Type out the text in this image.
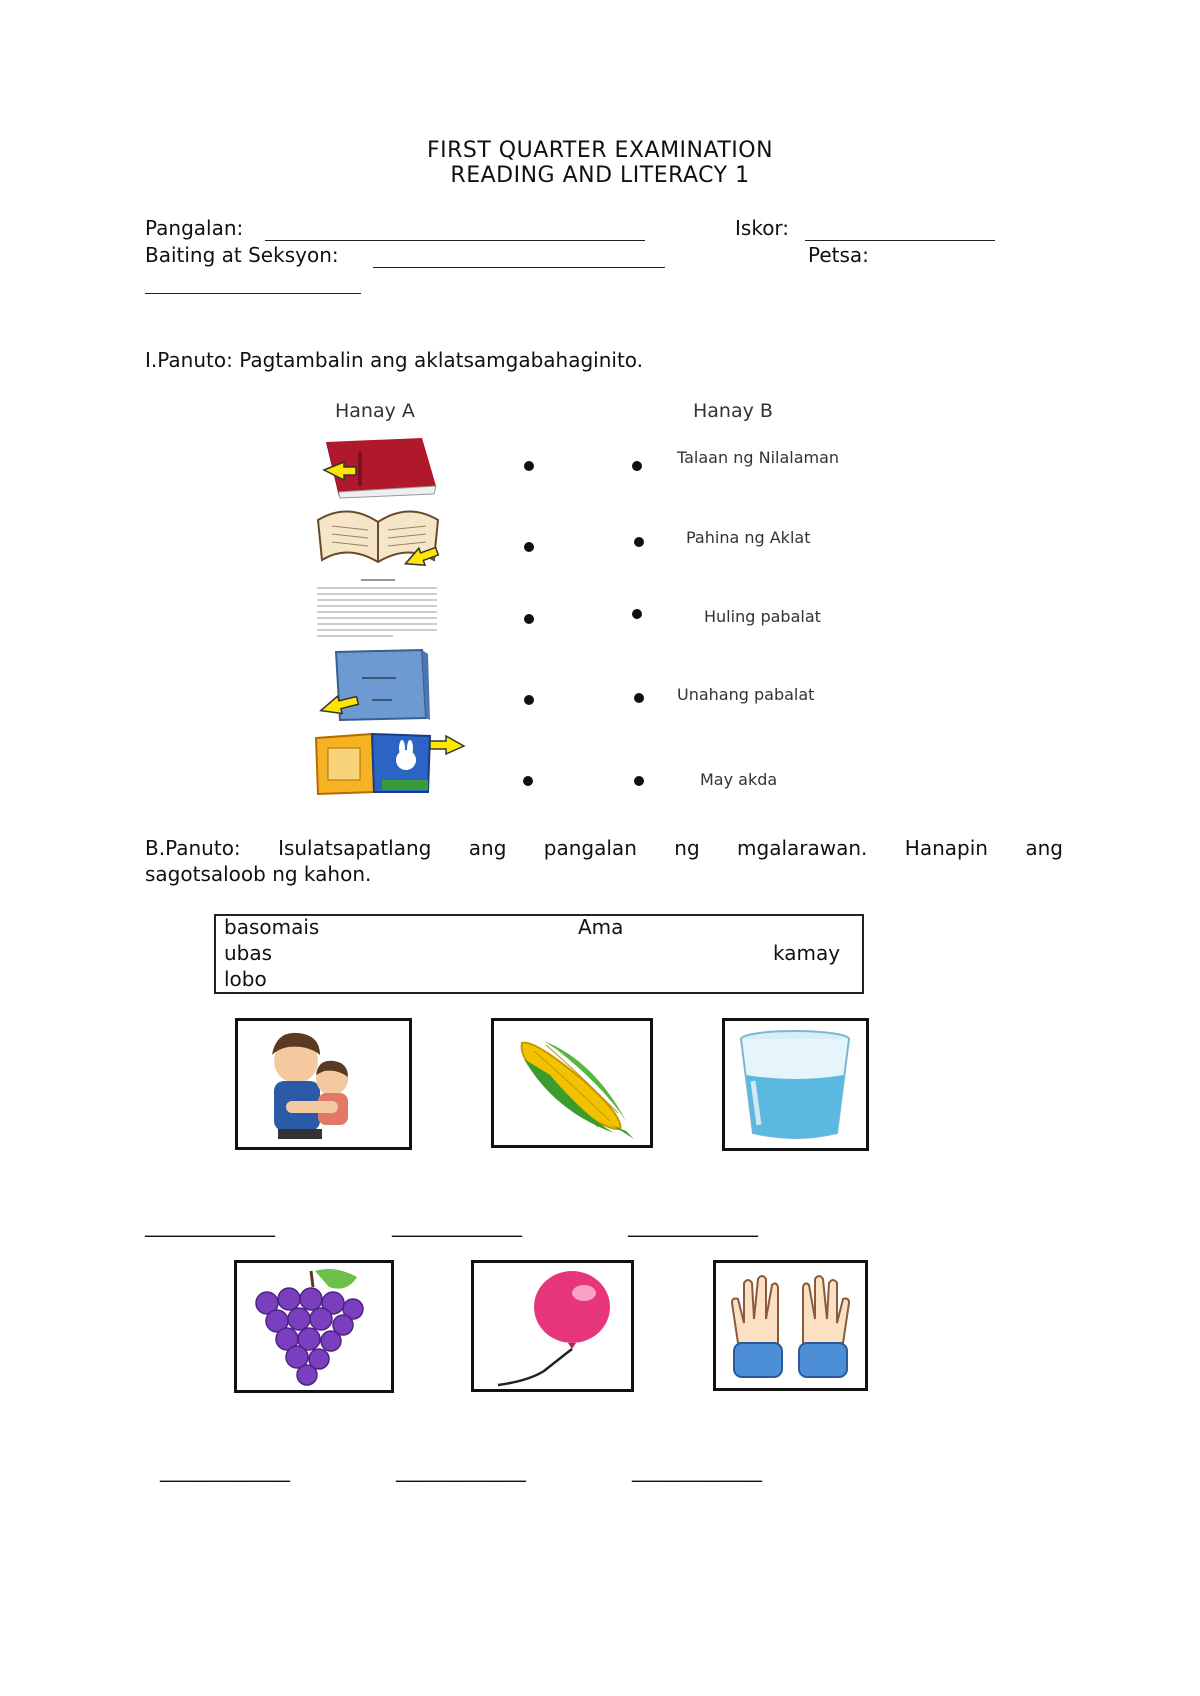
FIRST QUARTER EXAMINATION
READING AND LITERACY 1
Pangalan:	Iskor:
Baiting at Seksyon:	Petsa:
I.Panuto: Pagtambalin ang aklatsamgabahaginito.
Hanay A	Hanay B
Talaan ng Nilalaman
Pahina ng Aklat
Huling pabalat
Unahang pabalat
May akda
B.Panuto: Isulatsapatlang ang pangalan ng mgalarawan. Hanapin ang
sagotsaloob ng kahon.
basomais	Ama
ubas	kamay
lobo
_____________	_____________	_____________
_____________	_____________	_____________
